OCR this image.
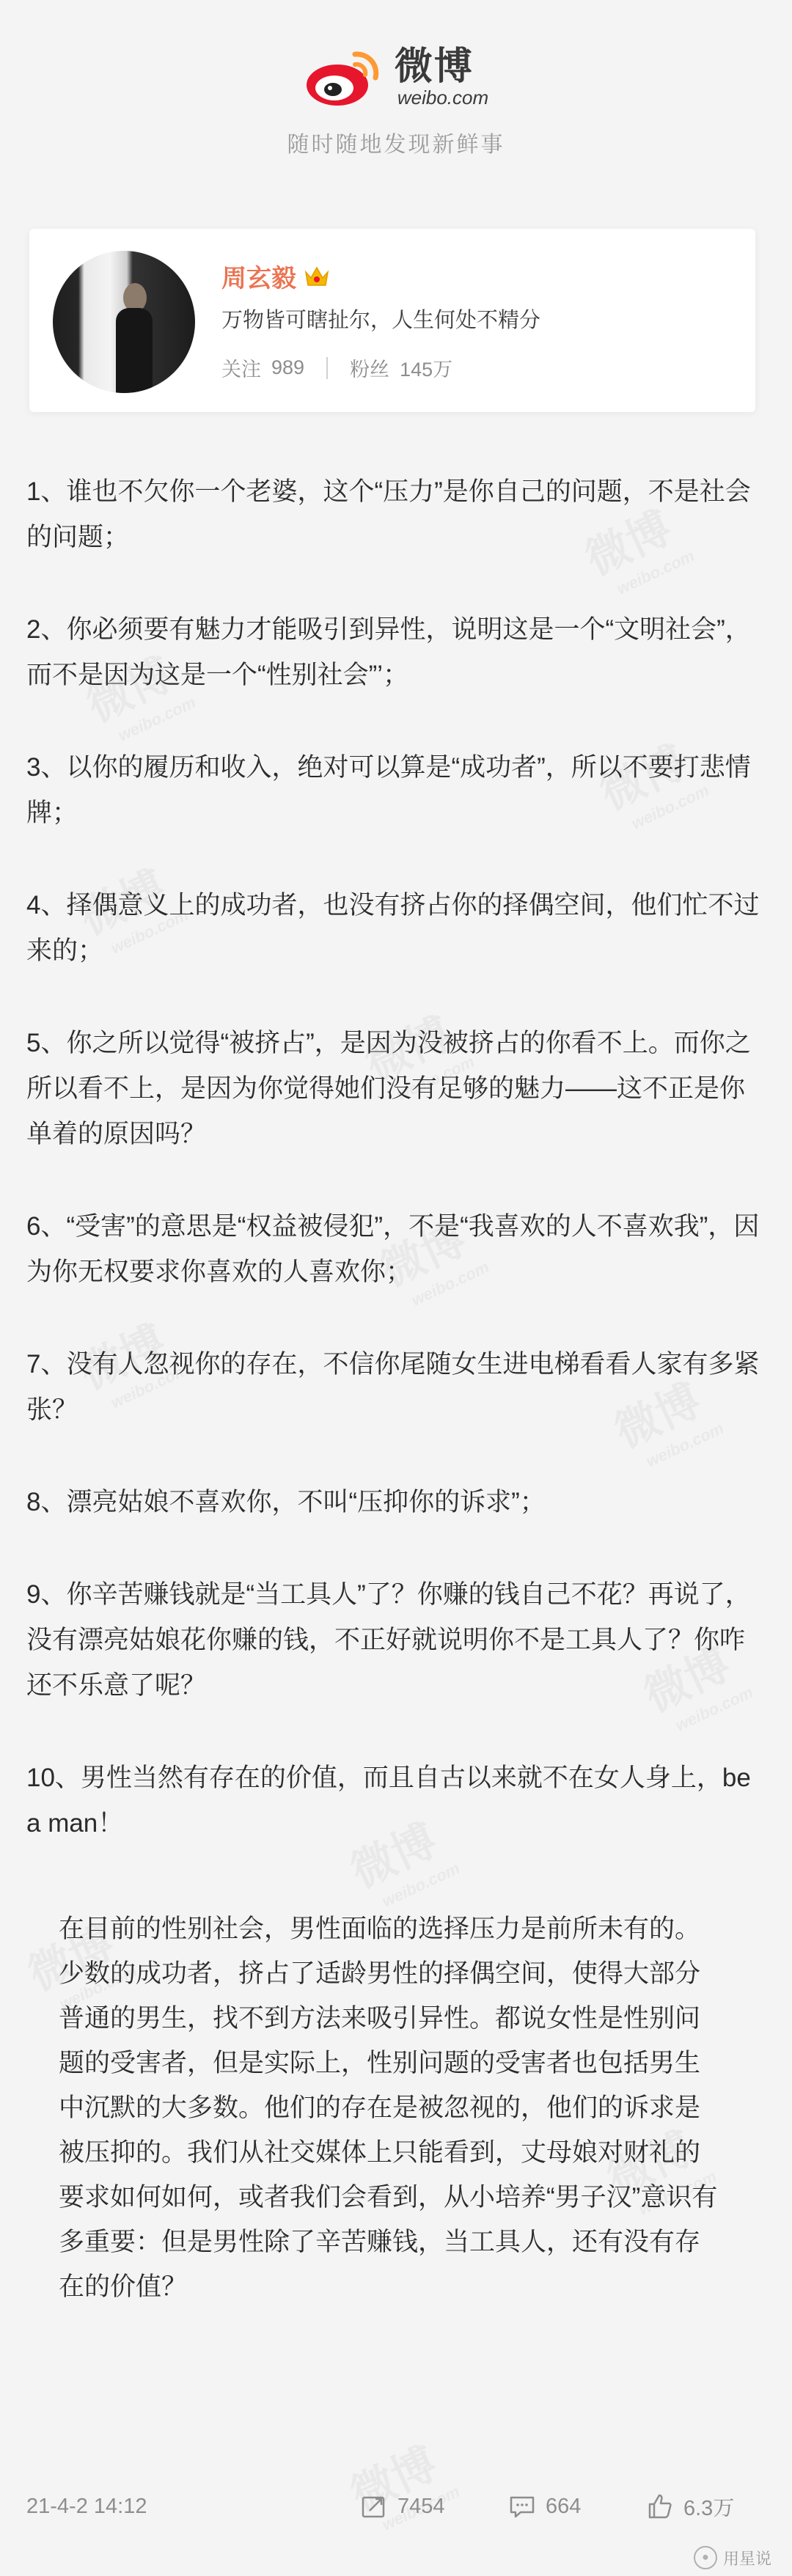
微博
weibo.com
随时随地发现新鲜事
周玄毅
万物皆可瞎扯尔，人生何处不精分
关注 989 粉丝 145万

1、谁也不欠你一个老婆，这个“压力”是你自己的问题，不是社会的问题；

2、你必须要有魅力才能吸引到异性，说明这是一个“文明社会”，而不是因为这是一个“性别社会”’；

3、以你的履历和收入，绝对可以算是“成功者”，所以不要打悲情牌；

4、择偶意义上的成功者，也没有挤占你的择偶空间，他们忙不过来的；

5、你之所以觉得“被挤占”，是因为没被挤占的你看不上。而你之所以看不上，是因为你觉得她们没有足够的魅力——这不正是你单着的原因吗？

6、“受害”的意思是“权益被侵犯”，不是“我喜欢的人不喜欢我”，因为你无权要求你喜欢的人喜欢你；

7、没有人忽视你的存在，不信你尾随女生进电梯看看人家有多紧张？

8、漂亮姑娘不喜欢你，不叫“压抑你的诉求”；

9、你辛苦赚钱就是“当工具人”了？你赚的钱自己不花？再说了，没有漂亮姑娘花你赚的钱，不正好就说明你不是工具人了？你咋还不乐意了呢？

10、男性当然有存在的价值，而且自古以来就不在女人身上，be a man！

在目前的性别社会，男性面临的选择压力是前所未有的。少数的成功者，挤占了适龄男性的择偶空间，使得大部分普通的男生，找不到方法来吸引异性。都说女性是性别问题的受害者，但是实际上，性别问题的受害者也包括男生中沉默的大多数。他们的存在是被忽视的，他们的诉求是被压抑的。我们从社交媒体上只能看到，丈母娘对财礼的要求如何如何，或者我们会看到，从小培养“男子汉”意识有多重要：但是男性除了辛苦赚钱，当工具人，还有没有存在的价值？
21-4-2 14:12	7454	664	6.3万
● 用星说
